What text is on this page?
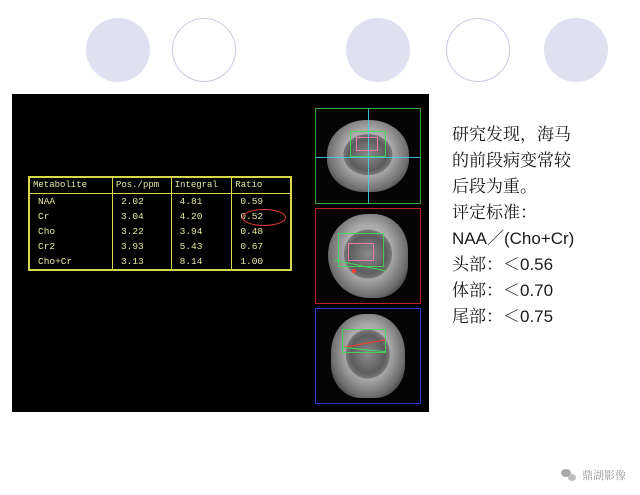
Metabolite	Pos./ppm	Integral	Ratio
NAA	2.02	4.81	0.59
Cr	3.04	4.20	0.52
Cho	3.22	3.94	0.48
Cr2	3.93	5.43	0.67
Cho+Cr	3.13	8.14	1.00

研究发现，海马

的前段病变常较

后段为重。

评定标准：

NAA／(Cho+Cr)

头部：＜0.56

体部：＜0.70

尾部：＜0.75

鼎湖影像
